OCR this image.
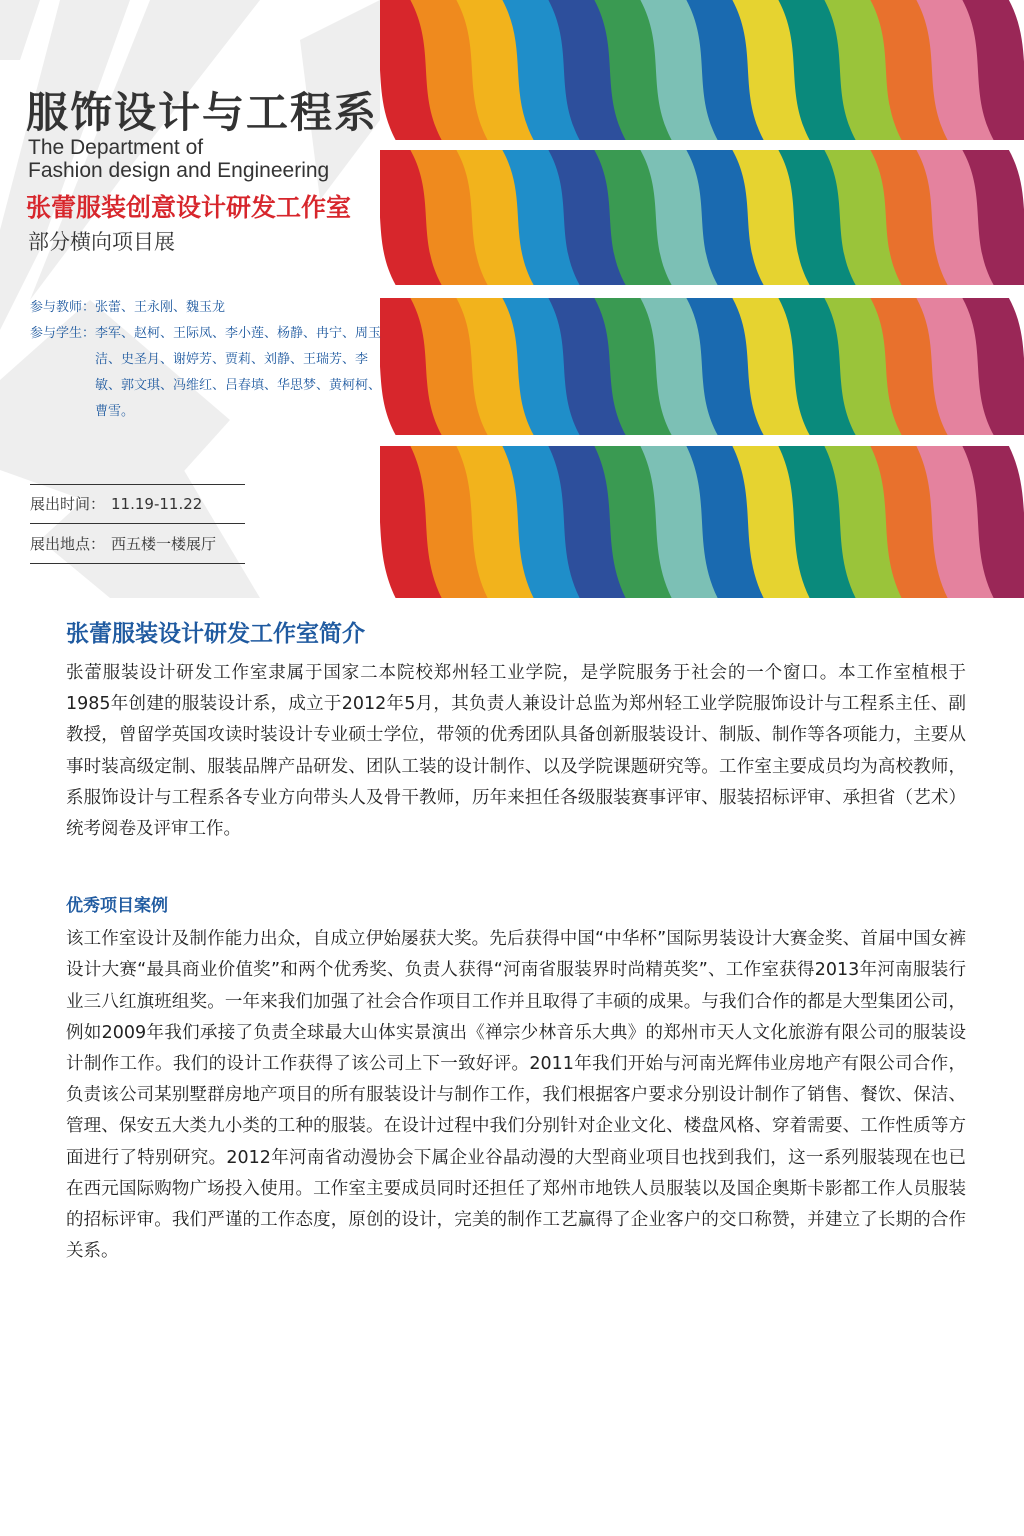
服饰设计与工程系
The Department of
Fashion design and Engineering
张蕾服装创意设计研发工作室
部分横向项目展
参与教师： 张蕾、王永刚、魏玉龙
参与学生： 李军、赵柯、王际凤、李小莲、杨静、冉宁、周玉洁、史圣月、谢婷芳、贾莉、刘静、王瑞芳、李敏、郭文琪、冯维红、吕春填、华思梦、黄柯柯、曹雪。
展出时间： 11.19-11.22
展出地点： 西五楼一楼展厅
张蕾服装设计研发工作室简介

张蕾服装设计研发工作室隶属于国家二本院校郑州轻工业学院，是学院服务于社会的一个窗口。本工作室植根于1985年创建的服装设计系，成立于2012年5月，其负责人兼设计总监为郑州轻工业学院服饰设计与工程系主任、副教授，曾留学英国攻读时装设计专业硕士学位，带领的优秀团队具备创新服装设计、制版、制作等各项能力，主要从事时装高级定制、服装品牌产品研发、团队工装的设计制作、以及学院课题研究等。工作室主要成员均为高校教师，系服饰设计与工程系各专业方向带头人及骨干教师，历年来担任各级服装赛事评审、服装招标评审、承担省（艺术）统考阅卷及评审工作。

优秀项目案例

该工作室设计及制作能力出众，自成立伊始屡获大奖。先后获得中国“中华杯”国际男装设计大赛金奖、首届中国女裤设计大赛“最具商业价值奖”和两个优秀奖、负责人获得“河南省服装界时尚精英奖”、工作室获得2013年河南服装行业三八红旗班组奖。一年来我们加强了社会合作项目工作并且取得了丰硕的成果。与我们合作的都是大型集团公司，例如2009年我们承接了负责全球最大山体实景演出《禅宗少林音乐大典》的郑州市天人文化旅游有限公司的服装设计制作工作。我们的设计工作获得了该公司上下一致好评。2011年我们开始与河南光辉伟业房地产有限公司合作，负责该公司某别墅群房地产项目的所有服装设计与制作工作，我们根据客户要求分别设计制作了销售、餐饮、保洁、管理、保安五大类九小类的工种的服装。在设计过程中我们分别针对企业文化、楼盘风格、穿着需要、工作性质等方面进行了特别研究。2012年河南省动漫协会下属企业谷晶动漫的大型商业项目也找到我们，这一系列服装现在也已在西元国际购物广场投入使用。工作室主要成员同时还担任了郑州市地铁人员服装以及国企奥斯卡影都工作人员服装的招标评审。我们严谨的工作态度，原创的设计，完美的制作工艺赢得了企业客户的交口称赞，并建立了长期的合作关系。
